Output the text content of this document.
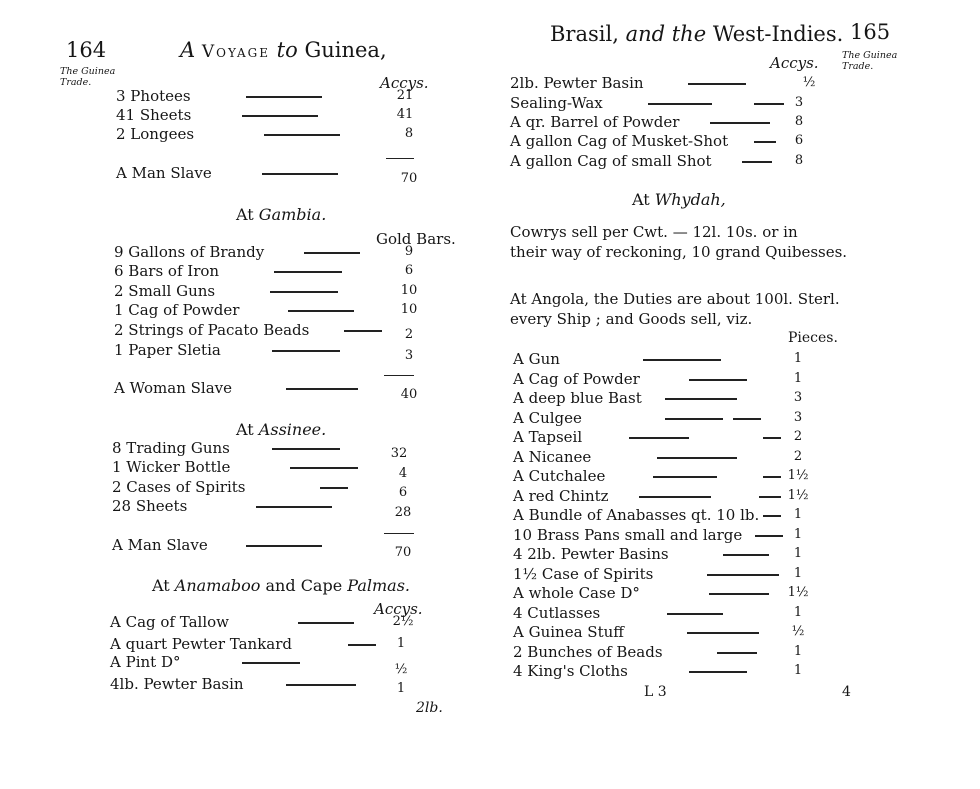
164	A Voyage to Guinea,
The Guinea
Trade.	Accys.
3 Photees	21
41 Sheets	41
2 Longees	8
A Man Slave	70
At Gambia.
Gold Bars.
9 Gallons of Brandy	9
6 Bars of Iron	6
2 Small Guns	10
1 Cag of Powder	10
2 Strings of Pacato Beads	2
1 Paper Sletia	3
A Woman Slave	40
At Assinee.
8 Trading Guns	32
1 Wicker Bottle	4
2 Cases of Spirits	6
28 Sheets	28
A Man Slave	70
At Anamaboo and Cape Palmas.
Accys.
A Cag of Tallow	2½
A quart Pewter Tankard	1
A Pint D°	½
4lb. Pewter Basin	1
2lb.
Brasil, and the West-Indies. 165
The Guinea
Trade.
Accys.
2lb. Pewter Basin	½
Sealing-Wax	3
A qr. Barrel of Powder	8
A gallon Cag of Musket-Shot	6
A gallon Cag of small Shot	8
At Whydah,
Cowrys sell per Cwt. — 12l. 10s. or in
their way of reckoning, 10 grand Quibesses.
At Angola, the Duties are about 100l. Sterl.
every Ship ; and Goods sell, viz.
Pieces.
A Gun	1
A Cag of Powder	1
A deep blue Bast	3
A Culgee	3
A Tapseil	2
A Nicanee	2
A Cutchalee	1½
A red Chintz	1½
A Bundle of Anabasses qt. 10 lb.	1
10 Brass Pans small and large	1
4 2lb. Pewter Basins	1
1½ Case of Spirits	1
A whole Case D°	1½
4 Cutlasses	1
A Guinea Stuff	½
2 Bunches of Beads	1
4 King's Cloths	1
L 3	4
